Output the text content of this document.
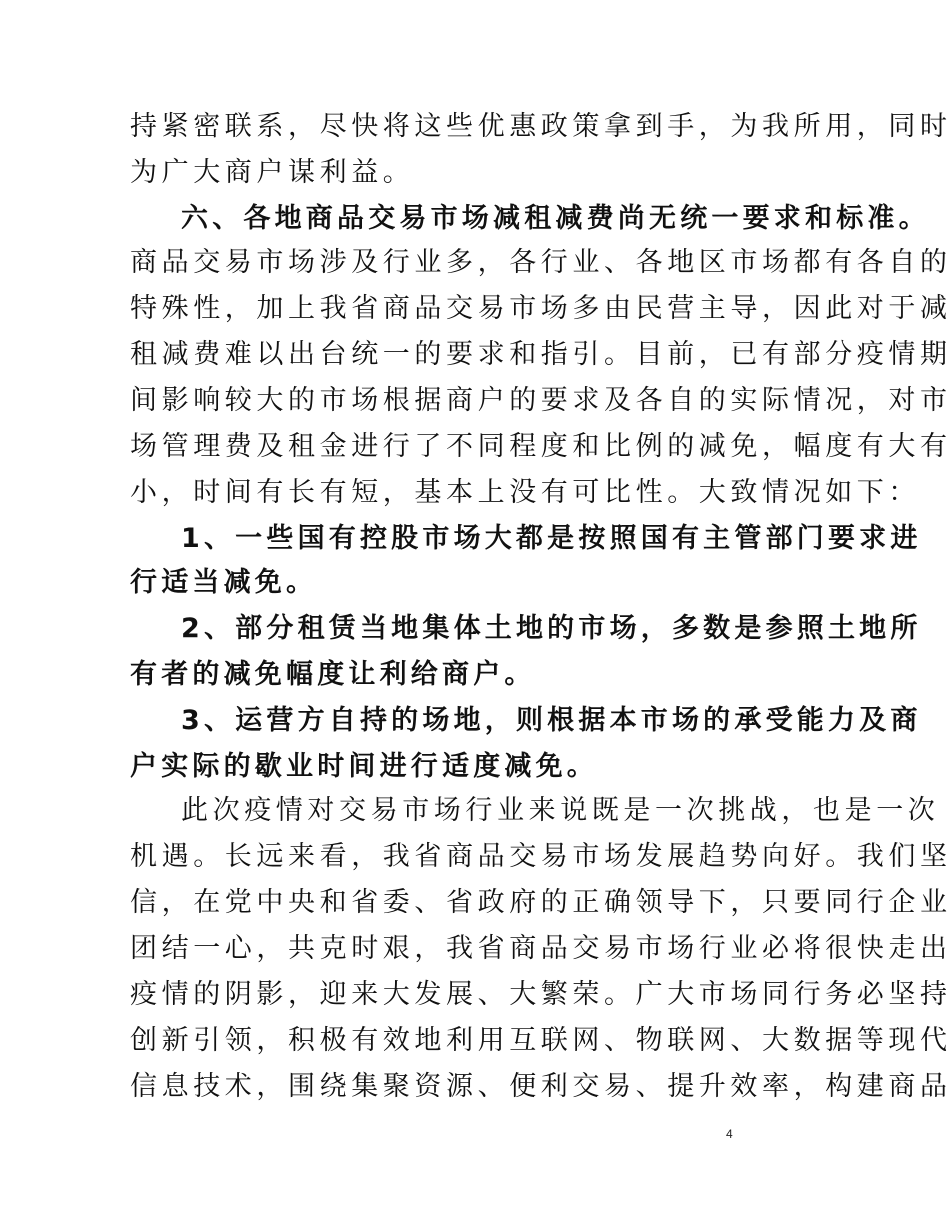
持紧密联系，尽快将这些优惠政策拿到手，为我所用，同时
为广大商户谋利益。
六、各地商品交易市场减租减费尚无统一要求和标准。
商品交易市场涉及行业多，各行业、各地区市场都有各自的
特殊性，加上我省商品交易市场多由民营主导，因此对于减
租减费难以出台统一的要求和指引。目前，已有部分疫情期
间影响较大的市场根据商户的要求及各自的实际情况，对市
场管理费及租金进行了不同程度和比例的减免，幅度有大有
小，时间有长有短，基本上没有可比性。大致情况如下：
1、一些国有控股市场大都是按照国有主管部门要求进
行适当减免。
2、部分租赁当地集体土地的市场，多数是参照土地所
有者的减免幅度让利给商户。
3、运营方自持的场地，则根据本市场的承受能力及商
户实际的歇业时间进行适度减免。
此次疫情对交易市场行业来说既是一次挑战，也是一次
机遇。长远来看，我省商品交易市场发展趋势向好。我们坚
信，在党中央和省委、省政府的正确领导下，只要同行企业
团结一心，共克时艰，我省商品交易市场行业必将很快走出
疫情的阴影，迎来大发展、大繁荣。广大市场同行务必坚持
创新引领，积极有效地利用互联网、物联网、大数据等现代
信息技术，围绕集聚资源、便利交易、提升效率，构建商品
4
